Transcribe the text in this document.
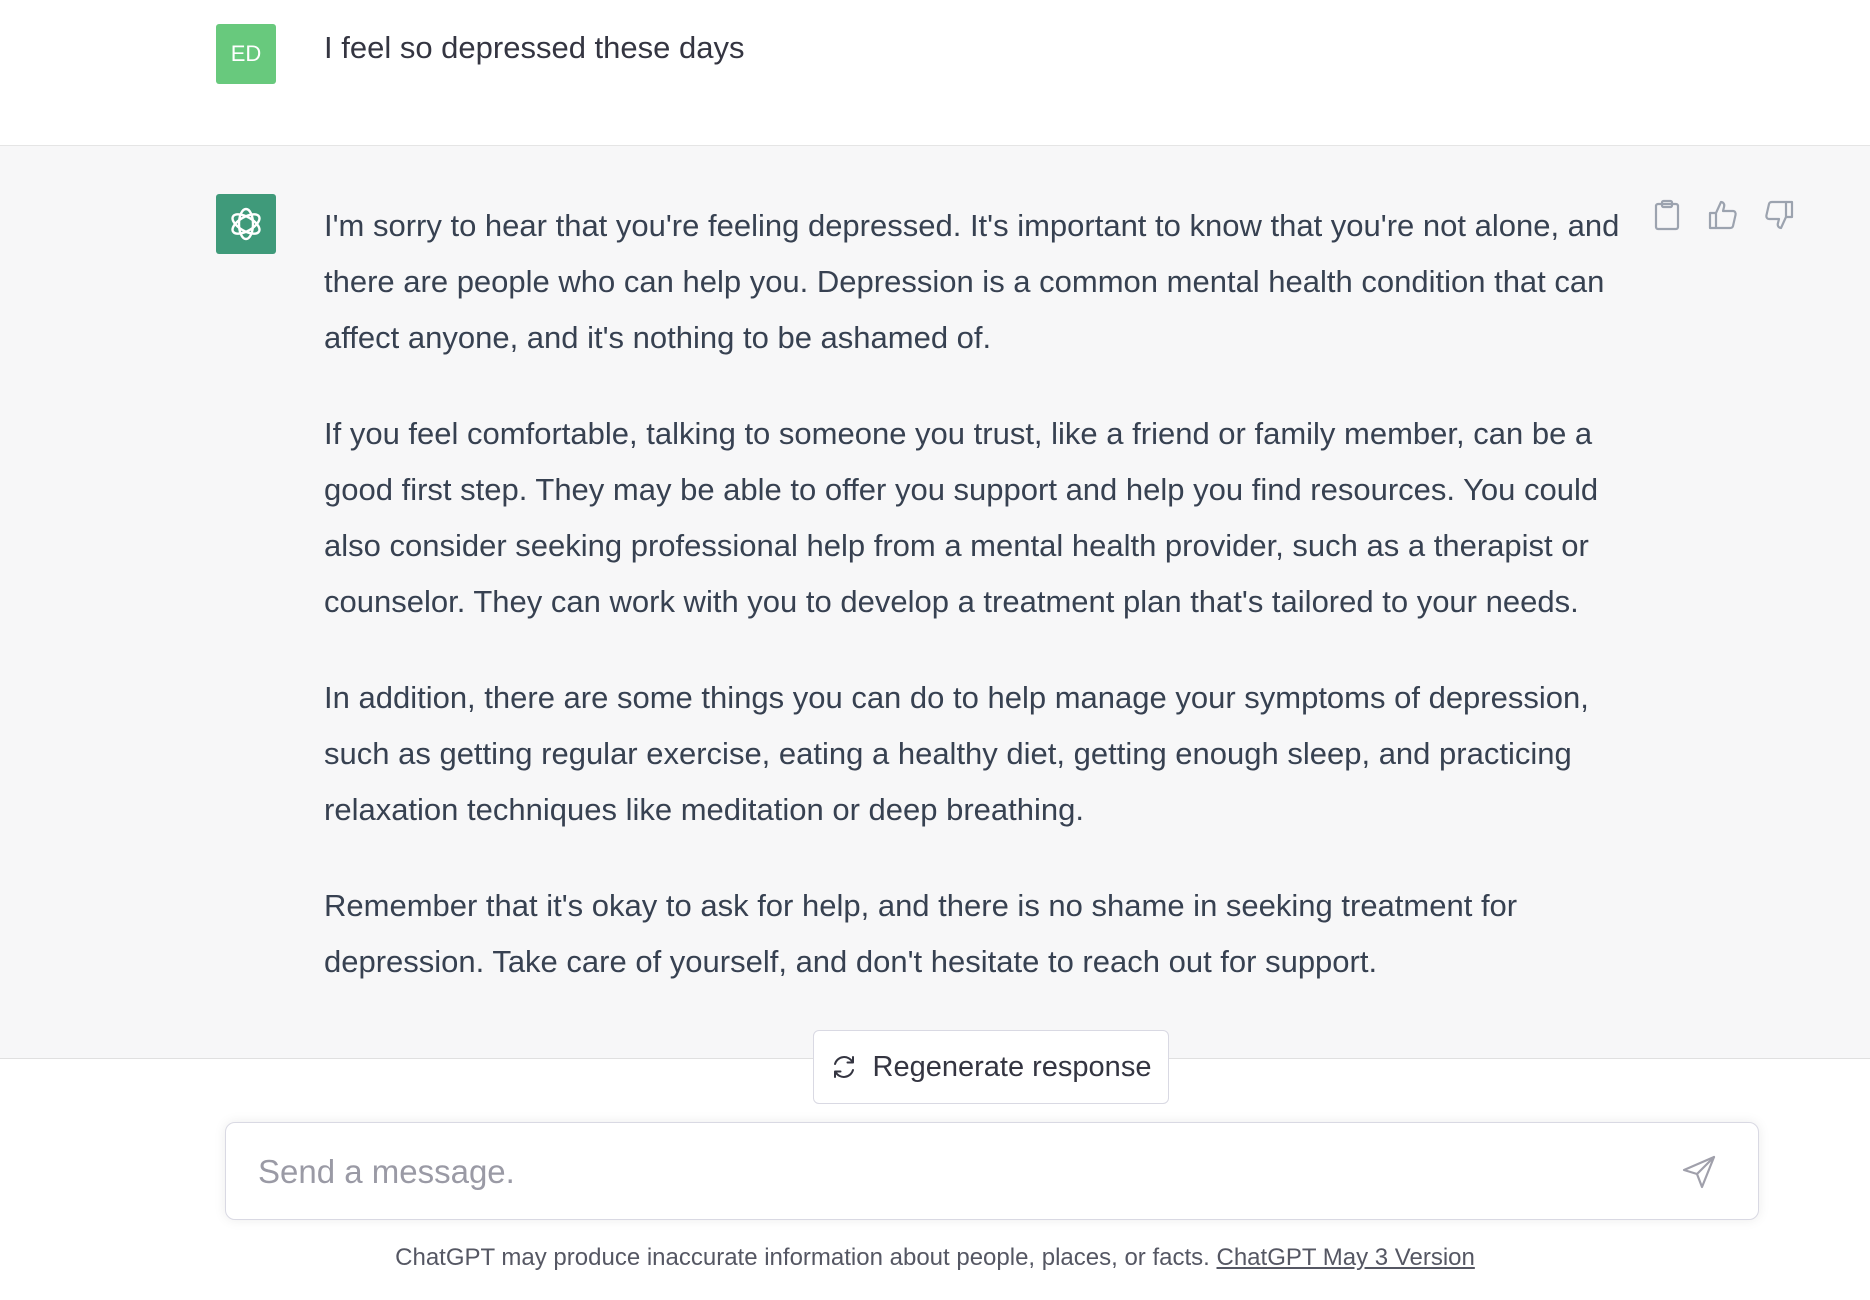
ED	I feel so depressed these days

I'm sorry to hear that you're feeling depressed. It's important to know that you're not alone, and there are people who can help you. Depression is a common mental health condition that can affect anyone, and it's nothing to be ashamed of.

If you feel comfortable, talking to someone you trust, like a friend or family member, can be a good first step. They may be able to offer you support and help you find resources. You could also consider seeking professional help from a mental health provider, such as a therapist or counselor. They can work with you to develop a treatment plan that's tailored to your needs.

In addition, there are some things you can do to help manage your symptoms of depression, such as getting regular exercise, eating a healthy diet, getting enough sleep, and practicing relaxation techniques like meditation or deep breathing.

Remember that it's okay to ask for help, and there is no shame in seeking treatment for depression. Take care of yourself, and don't hesitate to reach out for support.

Regenerate response
Send a message.
ChatGPT may produce inaccurate information about people, places, or facts. ChatGPT May 3 Version
